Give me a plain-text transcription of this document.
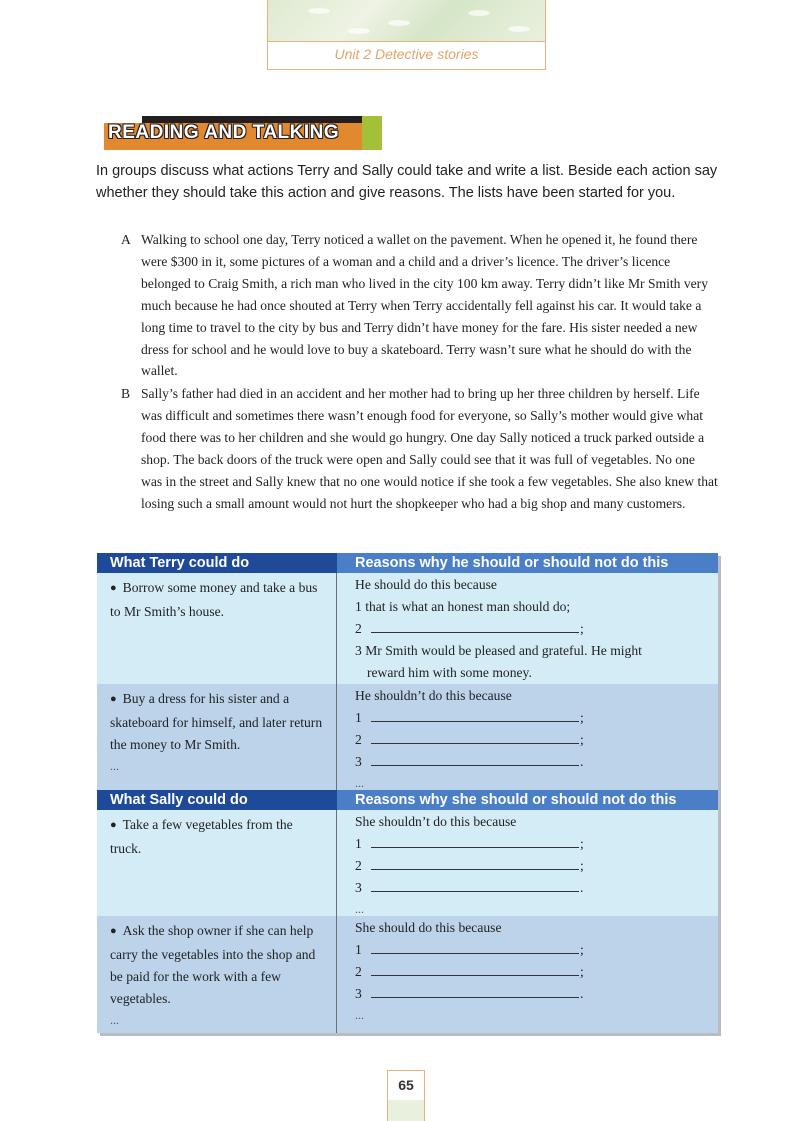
Unit 2 Detective stories
READING AND TALKING

In groups discuss what actions Terry and Sally could take and write a list. Beside each action say whether they should take this action and give reasons. The lists have been started for you.

A Walking to school one day, Terry noticed a wallet on the pavement. When he opened it, he found there were $300 in it, some pictures of a woman and a child and a driver’s licence. The driver’s licence belonged to Craig Smith, a rich man who lived in the city 100 km away. Terry didn’t like Mr Smith very much because he had once shouted at Terry when Terry accidentally fell against his car. It would take a long time to travel to the city by bus and Terry didn’t have money for the fare. His sister needed a new dress for school and he would love to buy a skateboard. Terry wasn’t sure what he should do with the wallet.
B Sally’s father had died in an accident and her mother had to bring up her three children by herself. Life was difficult and sometimes there wasn’t enough food for everyone, so Sally’s mother would give what food there was to her children and she would go hungry. One day Sally noticed a truck parked outside a shop. The back doors of the truck were open and Sally could see that it was full of vegetables. No one was in the street and Sally knew that no one would notice if she took a few vegetables. She also knew that losing such a small amount would not hurt the shopkeeper who had a big shop and many customers.
What Terry could do	Reasons why he should or should not do this
● Borrow some money and take a bus to Mr Smith’s house.
He should do this because
1 that is what an honest man should do;
2	;
3 Mr Smith would be pleased and grateful. He might
reward him with some money.
● Buy a dress for his sister and a skateboard for himself, and later return the money to Mr Smith.
...
He shouldn’t do this because
1	;
2	;
3	.
...
What Sally could do	Reasons why she should or should not do this
● Take a few vegetables from the truck.
She shouldn’t do this because
1	;
2	;
3	.
...
● Ask the shop owner if she can help carry the vegetables into the shop and be paid for the work with a few vegetables.
...
She should do this because
1	;
2	;
3	.
...
65
